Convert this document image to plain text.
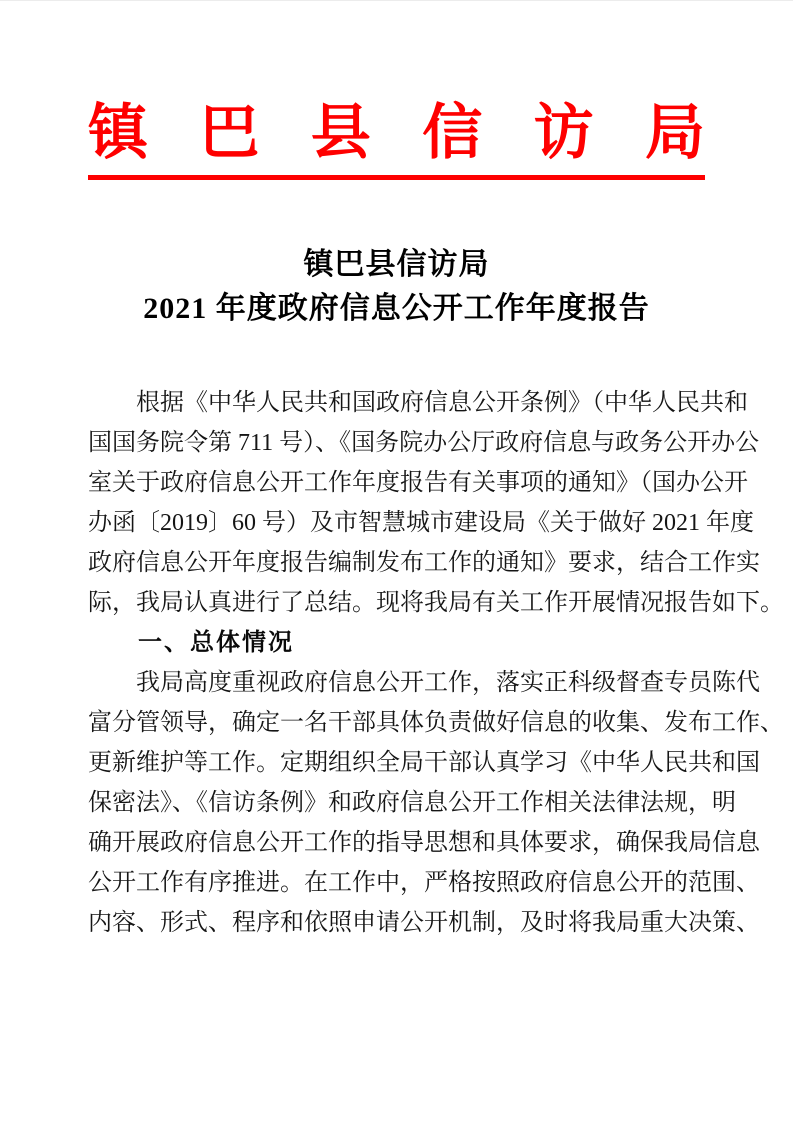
镇巴县信访局
镇巴县信访局
2021 年度政府信息公开工作年度报告
根据《中华人民共和国政府信息公开条例》（中华人民共和
国国务院令第 711 号）、《国务院办公厅政府信息与政务公开办公
室关于政府信息公开工作年度报告有关事项的通知》（国办公开
办函〔2019〕60 号）及市智慧城市建设局《关于做好 2021 年度
政府信息公开年度报告编制发布工作的通知》要求，结合工作实
际，我局认真进行了总结。现将我局有关工作开展情况报告如下。
一、总体情况
我局高度重视政府信息公开工作，落实正科级督查专员陈代
富分管领导，确定一名干部具体负责做好信息的收集、发布工作、
更新维护等工作。定期组织全局干部认真学习《中华人民共和国
保密法》、《信访条例》和政府信息公开工作相关法律法规，明
确开展政府信息公开工作的指导思想和具体要求，确保我局信息
公开工作有序推进。在工作中，严格按照政府信息公开的范围、
内容、形式、程序和依照申请公开机制，及时将我局重大决策、
